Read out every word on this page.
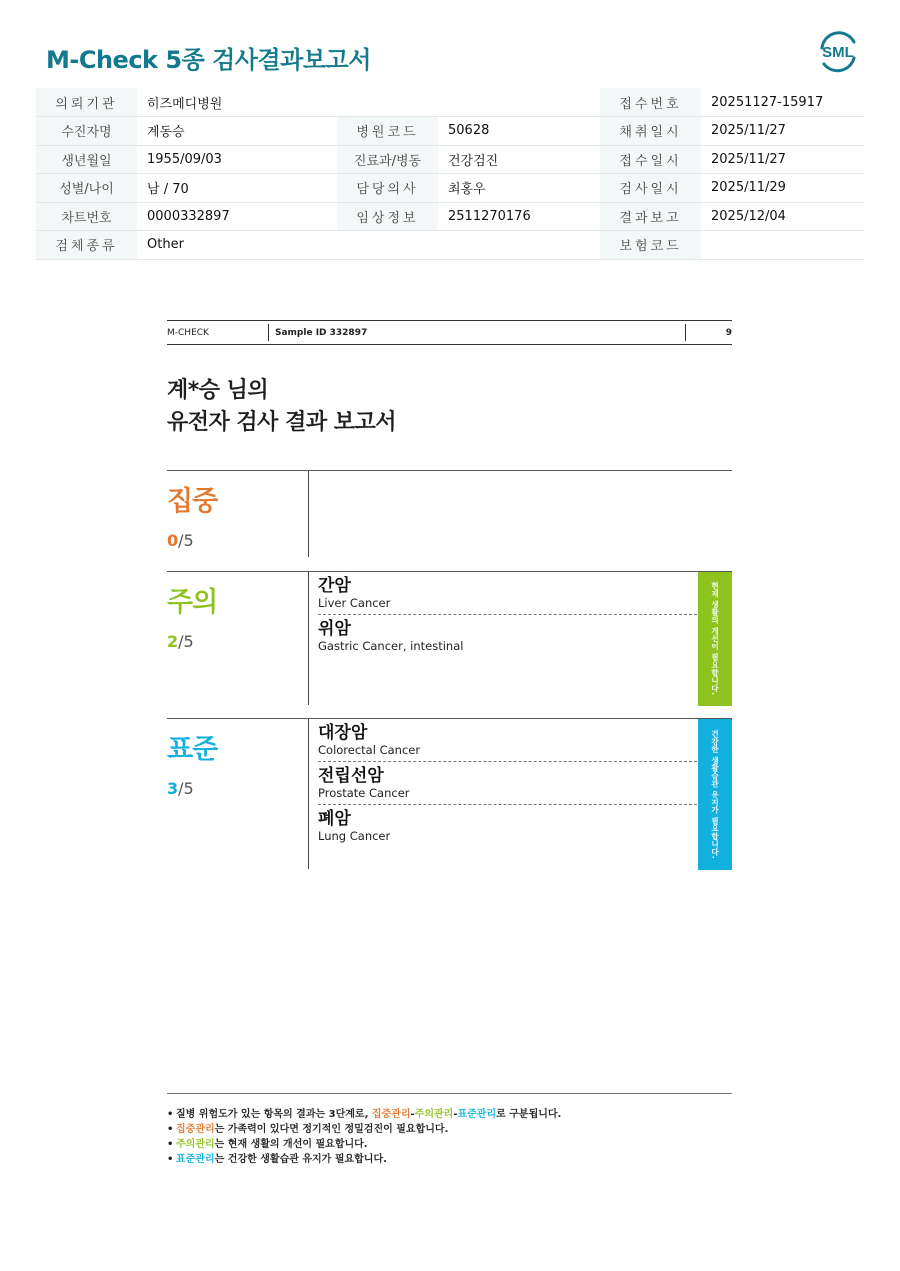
M-Check 5종 검사결과보고서	SML
의뢰기관	히즈메디병원			접수번호	20251127-15917
수진자명	계동승	병원코드	50628	채취일시	2025/11/27
생년월일	1955/09/03	진료과/병동	건강검진	접수일시	2025/11/27
성별/나이	남 / 70	담당의사	최홍우	검사일시	2025/11/29
차트번호	0000332897	임상정보	2511270176	결과보고	2025/12/04
검체종류	Other			보험코드	
M-CHECK	Sample ID 332897	9
계*승 님의
유전자 검사 결과 보고서
집중
0/5
주의
2/5
간암
Liver Cancer
위암
Gastric Cancer, intestinal	현재 생활의 개선이 필요합니다.
표준
3/5
대장암
Colorectal Cancer
전립선암
Prostate Cancer
폐암
Lung Cancer	건강한 생활습관 유지가 필요합니다.
• 질병 위험도가 있는 항목의 결과는 3단계로, 집중관리-주의관리-표준관리로 구분됩니다.
• 집중관리는 가족력이 있다면 정기적인 정밀검진이 필요합니다.
• 주의관리는 현재 생활의 개선이 필요합니다.
• 표준관리는 건강한 생활습관 유지가 필요합니다.
